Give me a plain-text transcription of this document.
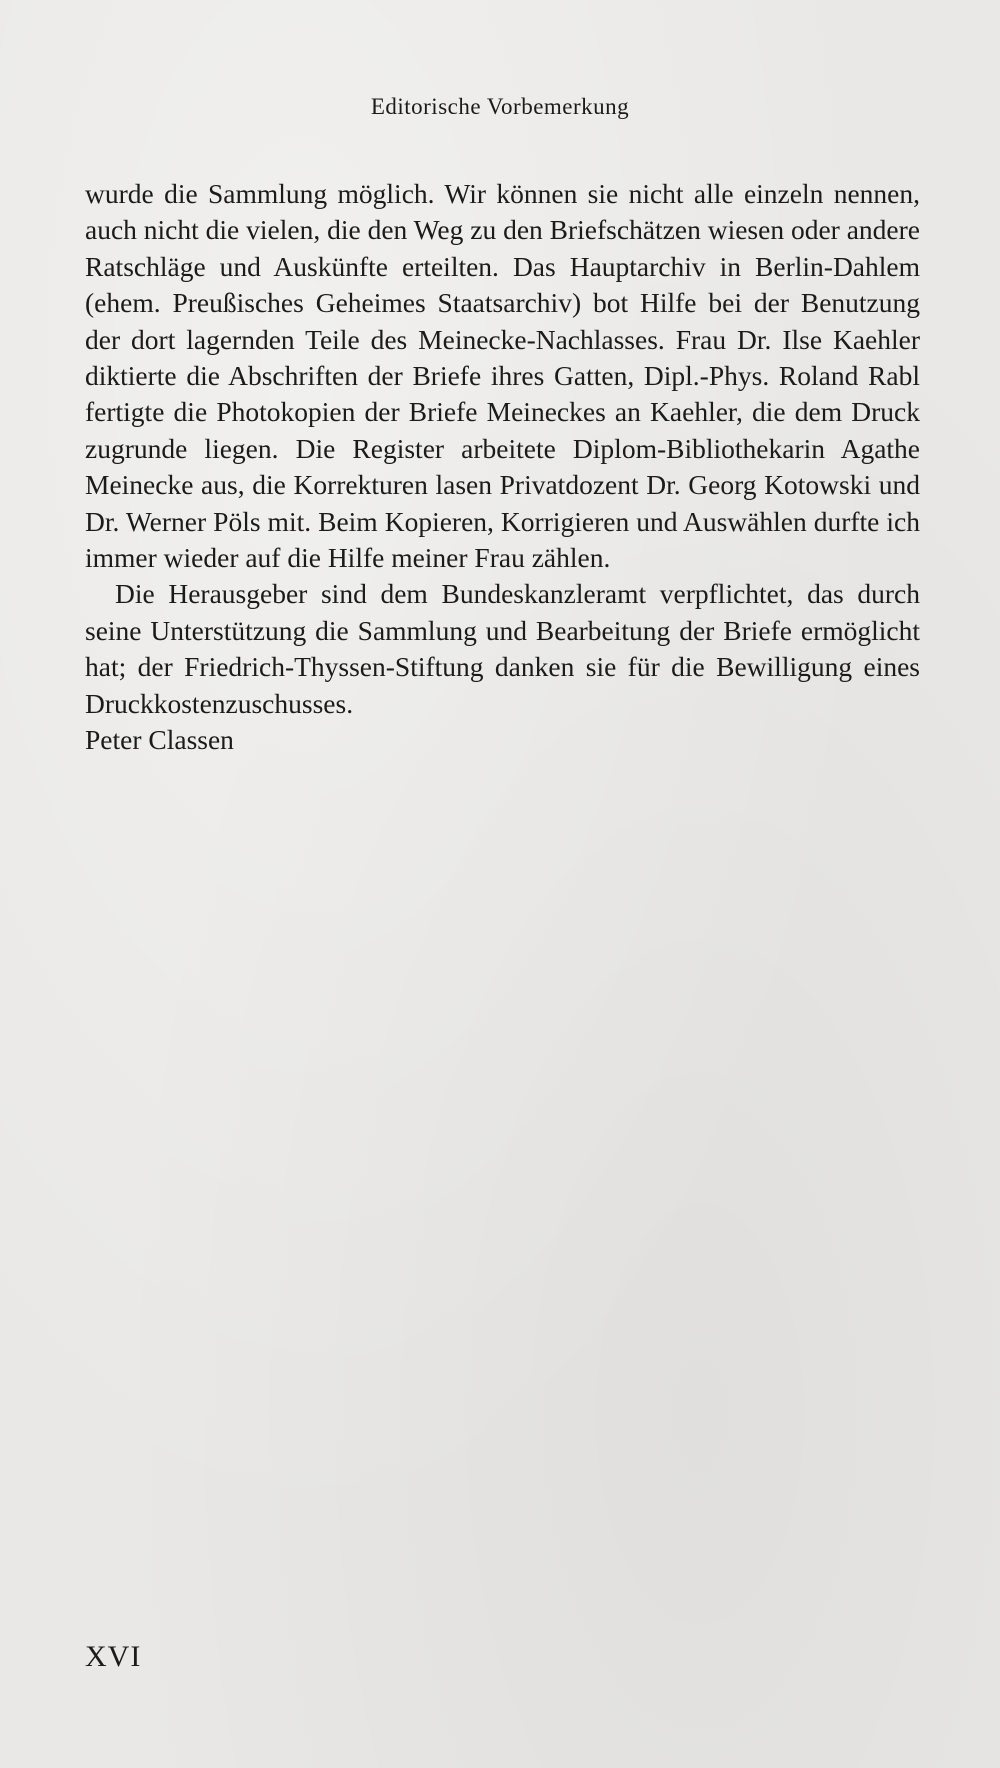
Editorische Vorbemerkung

wurde die Sammlung möglich. Wir können sie nicht alle einzeln nennen, auch nicht die vielen, die den Weg zu den Briefschätzen wiesen oder andere Ratschläge und Auskünfte erteilten. Das Hauptarchiv in Berlin-Dahlem (ehem. Preußisches Geheimes Staatsarchiv) bot Hilfe bei der Benutzung der dort lagernden Teile des Meinecke-Nachlasses. Frau Dr. Ilse Kaehler diktierte die Abschriften der Briefe ihres Gatten, Dipl.-Phys. Roland Rabl fertigte die Photokopien der Briefe Meineckes an Kaehler, die dem Druck zugrunde liegen. Die Register arbeitete Diplom-Bibliothekarin Agathe Meinecke aus, die Korrekturen lasen Privatdozent Dr. Georg Kotowski und Dr. Werner Pöls mit. Beim Kopieren, Korrigieren und Auswählen durfte ich immer wieder auf die Hilfe meiner Frau zählen.

Die Herausgeber sind dem Bundeskanzleramt verpflichtet, das durch seine Unterstützung die Sammlung und Bearbeitung der Briefe ermöglicht hat; der Friedrich-Thyssen-Stiftung danken sie für die Bewilligung eines Druckkostenzuschusses.

Peter Classen

XVI
